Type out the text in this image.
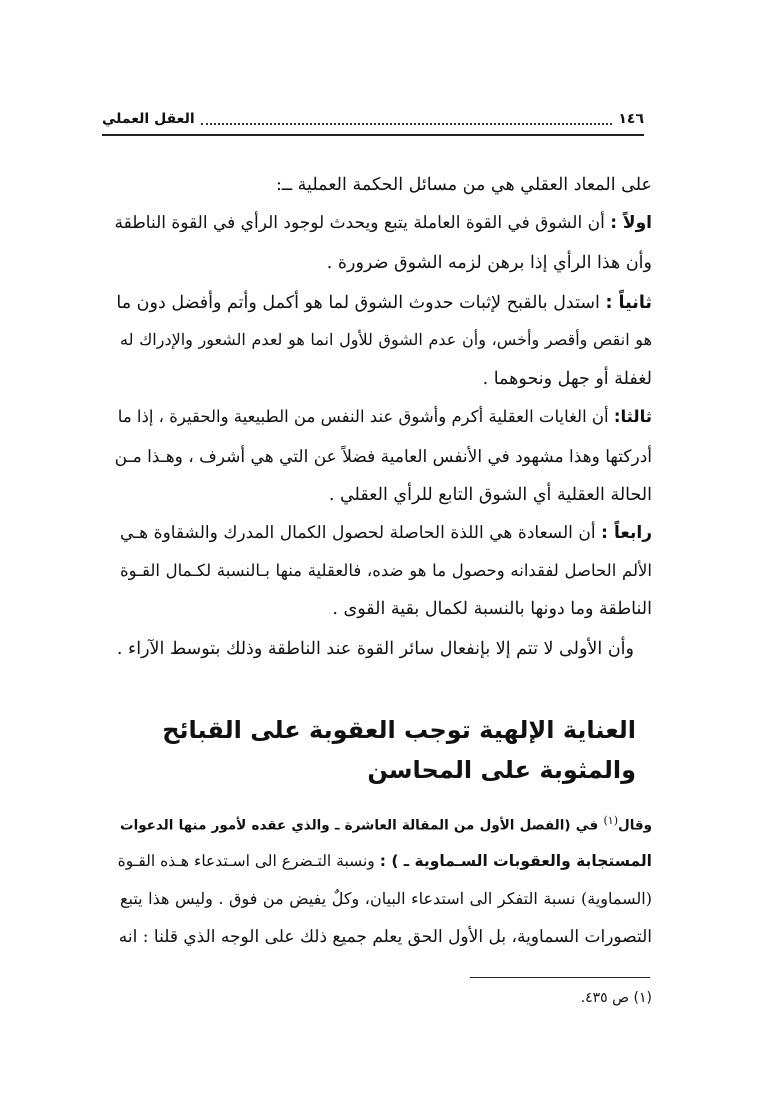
١٤٦
العقل العملي
على المعاد العقلي هي من مسائل الحكمة العملية ــ:
اولاً : أن الشوق في القوة العاملة يتبع ويحدث لوجود الرأي في القوة الناطقة
وأن هذا الرأي إذا برهن لزمه الشوق ضرورة .
ثانياً : استدل بالقبح لإثبات حدوث الشوق لما هو أكمل وأتم وأفضل دون ما
هو انقص وأقصر وأخس، وأن عدم الشوق للأول انما هو لعدم الشعور والإدراك له
لغفلة أو جهل ونحوهما .
ثالثا: أن الغايات العقلية أكرم وأشوق عند النفس من الطبيعية والحقيرة ، إذا ما
أدركتها وهذا مشهود في الأنفس العامية فضلاً عن التي هي أشرف ، وهـذا مـن
الحالة العقلية أي الشوق التابع للرأي العقلي .
رابعاً : أن السعادة هي اللذة الحاصلة لحصول الكمال المدرك والشقاوة هـي
الألم الحاصل لفقدانه وحصول ما هو ضده، فالعقلية منها بـالنسبة لكـمال القـوة
الناطقة وما دونها بالنسبة لكمال بقية القوى .
وأن الأولى لا تتم إلا بإنفعال سائر القوة عند الناطقة وذلك بتوسط الآراء .
العناية الإلهية توجب العقوبة على القبائح
والمثوبة على المحاسن
وقال$^{(١)}$ في (الفصل الأول من المقالة العاشرة ـ والذي عقده لأمور منها الدعوات
المستجابة والعقوبات السـماوية ـ ) : ونسبة التـضرع الى اسـتدعاء هـذه القـوة
(السماوية) نسبة التفكر الى استدعاء البيان، وكلٌ يفيض من فوق . وليس هذا يتبع
التصورات السماوية، بل الأول الحق يعلم جميع ذلك على الوجه الذي قلنا : انه
(١) ص ٤٣٥.
